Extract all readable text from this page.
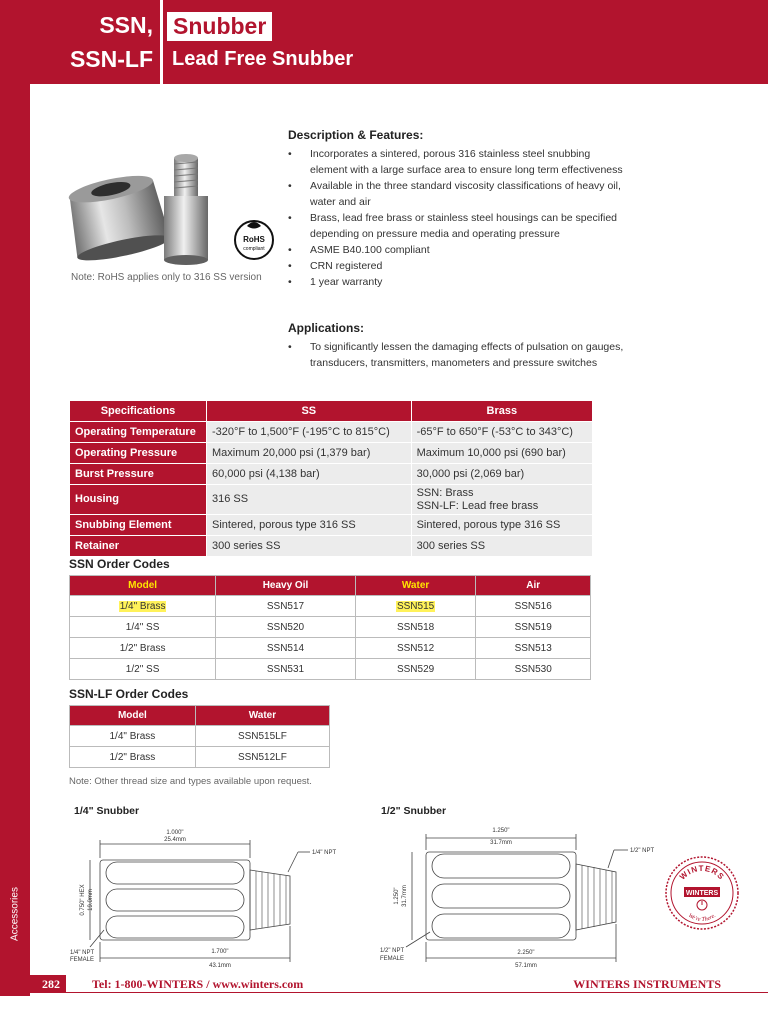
SSN,
SSN-LF
Snubber
Lead Free Snubber
Accessories
RoHS
compliant
Note: RoHS applies only to 316 SS version
Description & Features:
• Incorporates a sintered, porous 316 stainless steel snubbing element with a large surface area to ensure long term effectiveness
• Available in the three standard viscosity classifications of heavy oil, water and air
• Brass, lead free brass or stainless steel housings can be specified depending on pressure media and operating pressure
• ASME B40.100 compliant
• CRN registered
• 1 year warranty
Applications:
• To significantly lessen the damaging effects of pulsation on gauges, transducers, transmitters, manometers and pressure switches
Specifications	SS	Brass
Operating Temperature	-320°F to 1,500°F (-195°C to 815°C)	-65°F to 650°F (-53°C to 343°C)
Operating Pressure	Maximum 20,000 psi (1,379 bar)	Maximum 10,000 psi (690 bar)
Burst Pressure	60,000 psi (4,138 bar)	30,000 psi (2,069 bar)
Housing	316 SS	SSN: Brass
SSN-LF: Lead free brass

Snubbing Element	Sintered, porous type 316 SS	Sintered, porous type 316 SS
Retainer	300 series SS	300 series SS
SSN Order Codes
Model	Heavy Oil	Water	Air
1/4" Brass	SSN517	SSN515	SSN516
1/4" SS	SSN520	SSN518	SSN519
1/2" Brass	SSN514	SSN512	SSN513
1/2" SS	SSN531	SSN529	SSN530
SSN-LF Order Codes
Model	Water
1/4" Brass	SSN515LF
1/2" Brass	SSN512LF
Note: Other thread size and types available upon request.
1/4" Snubber
1.000"
25.4mm
1/4" NPT
0.750" HEX 19.0mm
1/4" NPT
FEMALE
1.700"
43.1mm
1/2" Snubber
1.250"
31.7mm
1/2" NPT
1.250" 31.7mm
1/2" NPT
FEMALE
2.250"
57.1mm
WINTERS
WINTERS
We're There.
282	Tel: 1-800-WINTERS / www.winters.com	WINTERS INSTRUMENTS
